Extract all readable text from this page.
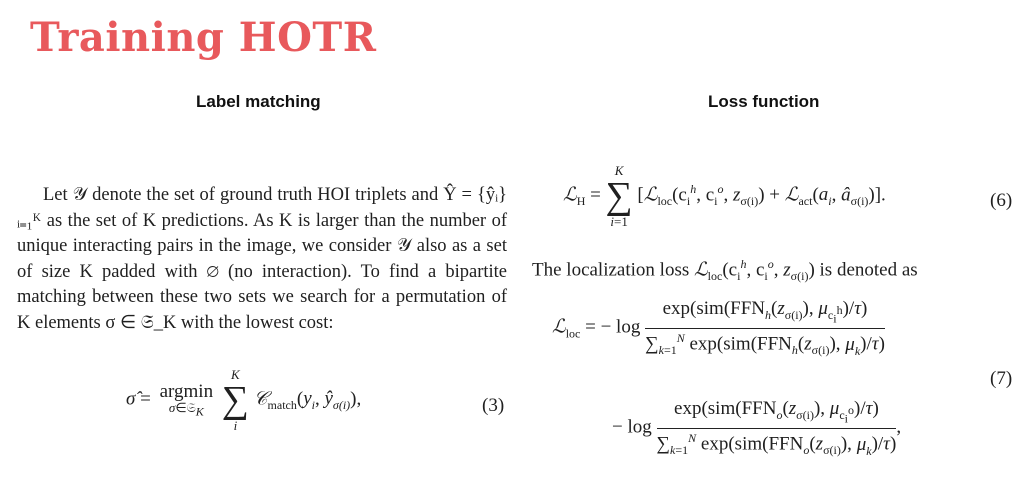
Training HOTR
Label matching	Loss function

Let 𝒴 denote the set of ground truth HOI triplets and Ŷ = {ŷᵢ}ᵢ₌₁ᴷ as the set of K predictions. As K is larger than the number of unique interacting pairs in the image, we consider 𝒴 also as a set of size K padded with ∅ (no interaction). To find a bipartite matching between these two sets we search for a permutation of K elements σ ∈ 𝔖_K with the lowest cost:

σ̂ = argmin
σ∈𝔖$_K$

K
∑
i
$𝒞_{match}(y_i$, $ŷ_{\sigma(i)}$),	(3)
ℒ$_H$ =
K
∑
i=1
[$ℒ_{loc}(c_i^h$, $c_i^o$, $z_{\sigma(i)}$) + $ℒ_{act}(a_i$, $â_{\sigma(i)}$)].	(6)
The localization loss $ℒ_{loc}(c_i^h$, $c_i^o$, $z_{\sigma(i)}$) is denoted as
ℒ$_{loc}$ = − $\log \frac{\exp(sim(FFN_h(z_{\sigma(i)}), \mu_{c_i^h})/\tau)}{\sum_{k=1}^N \exp(sim(FFN_h(z_{\sigma(i)}), \mu_k)/\tau)}$
(7)
− $\log \frac{\exp(sim(FFN_o(z_{\sigma(i)}), \mu_{c_i^o})/\tau)}{\sum_{k=1}^N \exp(sim(FFN_o(z_{\sigma(i)}), \mu_k)/\tau)}$ ,
